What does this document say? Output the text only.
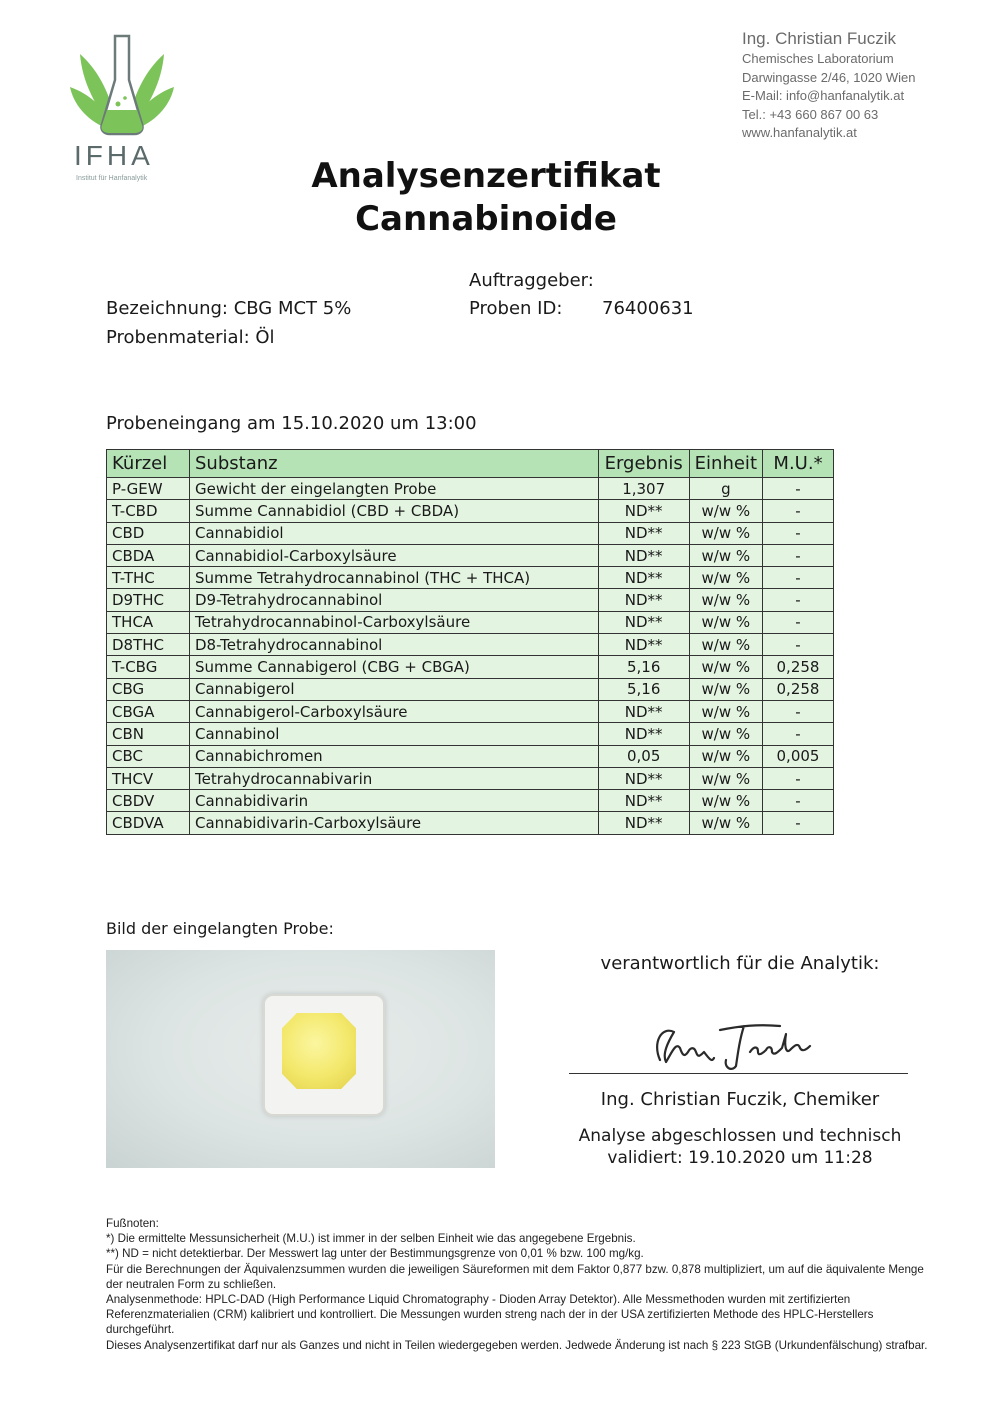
IFHA
Institut für Hanfanalytik
Ing. Christian Fuczik
Chemisches Laboratorium
Darwingasse 2/46, 1020 Wien
E-Mail: info@hanfanalytik.at
Tel.: +43 660 867 00 63
www.hanfanalytik.at
Analysenzertifikat
Cannabinoide
Auftraggeber:
Bezeichnung: CBG MCT 5%	Proben ID: 76400631
Probenmaterial: Öl
Probeneingang am 15.10.2020 um 13:00
Kürzel	Substanz	Ergebnis	Einheit	M.U.*
P-GEW	Gewicht der eingelangten Probe	1,307	g	-
T-CBD	Summe Cannabidiol (CBD + CBDA)	ND**	w/w %	-
CBD	Cannabidiol	ND**	w/w %	-
CBDA	Cannabidiol-Carboxylsäure	ND**	w/w %	-
T-THC	Summe Tetrahydrocannabinol (THC + THCA)	ND**	w/w %	-
D9THC	D9-Tetrahydrocannabinol	ND**	w/w %	-
THCA	Tetrahydrocannabinol-Carboxylsäure	ND**	w/w %	-
D8THC	D8-Tetrahydrocannabinol	ND**	w/w %	-
T-CBG	Summe Cannabigerol (CBG + CBGA)	5,16	w/w %	0,258
CBG	Cannabigerol	5,16	w/w %	0,258
CBGA	Cannabigerol-Carboxylsäure	ND**	w/w %	-
CBN	Cannabinol	ND**	w/w %	-
CBC	Cannabichromen	0,05	w/w %	0,005
THCV	Tetrahydrocannabivarin	ND**	w/w %	-
CBDV	Cannabidivarin	ND**	w/w %	-
CBDVA	Cannabidivarin-Carboxylsäure	ND**	w/w %	-
Bild der eingelangten Probe:
verantwortlich für die Analytik:
Ing. Christian Fuczik, Chemiker
Analyse abgeschlossen und technisch
validiert: 19.10.2020 um 11:28
Fußnoten:
*) Die ermittelte Messunsicherheit (M.U.) ist immer in der selben Einheit wie das angegebene Ergebnis.
**) ND = nicht detektierbar. Der Messwert lag unter der Bestimmungsgrenze von 0,01 % bzw. 100 mg/kg.
Für die Berechnungen der Äquivalenzsummen wurden die jeweiligen Säureformen mit dem Faktor 0,877 bzw. 0,878 multipliziert, um auf die äquivalente Menge der neutralen Form zu schließen.
Analysenmethode: HPLC-DAD (High Performance Liquid Chromatography - Dioden Array Detektor). Alle Messmethoden wurden mit zertifizierten Referenzmaterialien (CRM) kalibriert und kontrolliert. Die Messungen wurden streng nach der in der USA zertifizierten Methode des HPLC-Herstellers durchgeführt.
Dieses Analysenzertifikat darf nur als Ganzes und nicht in Teilen wiedergegeben werden. Jedwede Änderung ist nach § 223 StGB (Urkundenfälschung) strafbar.
